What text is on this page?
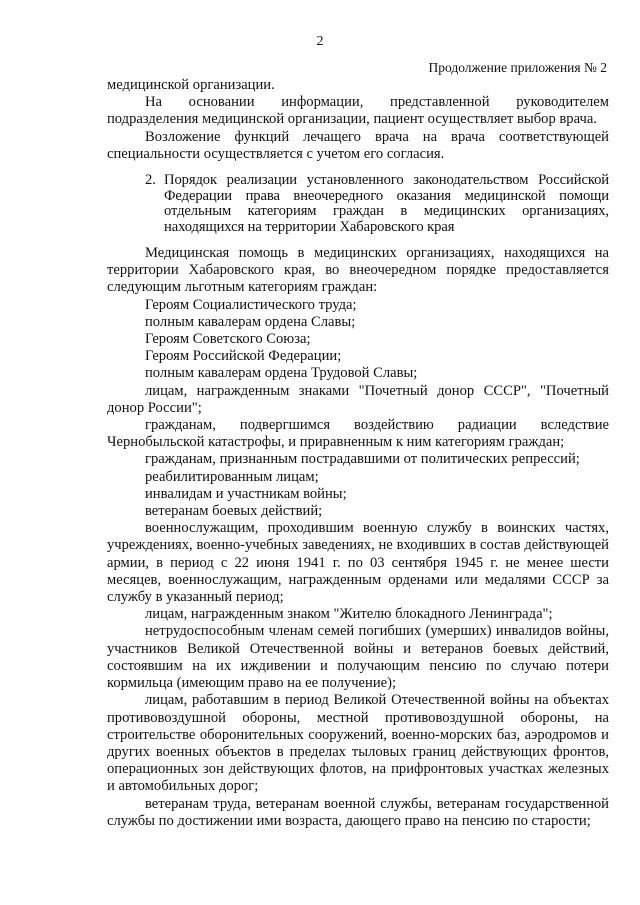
2
Продолжение приложения № 2

медицинской организации.

На основании информации, представленной руководителем подразделения медицинской организации, пациент осуществляет выбор врача.

Возложение функций лечащего врача на врача соответствующей специальности осуществляется с учетом его согласия.

2. Порядок реализации установленного законодательством Российской Федерации права внеочередного оказания медицинской помощи отдельным категориям граждан в медицинских организациях, находящихся на территории Хабаровского края

Медицинская помощь в медицинских организациях, находящихся на территории Хабаровского края, во внеочередном порядке предоставляется следующим льготным категориям граждан:

Героям Социалистического труда;

полным кавалерам ордена Славы;

Героям Советского Союза;

Героям Российской Федерации;

полным кавалерам ордена Трудовой Славы;

лицам, награжденным знаками "Почетный донор СССР", "Почетный донор России";

гражданам, подвергшимся воздействию радиации вследствие Чернобыльской катастрофы, и приравненным к ним категориям граждан;

гражданам, признанным пострадавшими от политических репрессий;

реабилитированным лицам;

инвалидам и участникам войны;

ветеранам боевых действий;

военнослужащим, проходившим военную службу в воинских частях, учреждениях, военно-учебных заведениях, не входивших в состав действующей армии, в период с 22 июня 1941 г. по 03 сентября 1945 г. не менее шести месяцев, военнослужащим, награжденным орденами или медалями СССР за службу в указанный период;

лицам, награжденным знаком "Жителю блокадного Ленинграда";

нетрудоспособным членам семей погибших (умерших) инвалидов войны, участников Великой Отечественной войны и ветеранов боевых действий, состоявшим на их иждивении и получающим пенсию по случаю потери кормильца (имеющим право на ее получение);

лицам, работавшим в период Великой Отечественной войны на объектах противовоздушной обороны, местной противовоздушной обороны, на строительстве оборонительных сооружений, военно-морских баз, аэродромов и других военных объектов в пределах тыловых границ действующих фронтов, операционных зон действующих флотов, на прифронтовых участках железных и автомобильных дорог;

ветеранам труда, ветеранам военной службы, ветеранам государственной службы по достижении ими возраста, дающего право на пенсию по старости;
